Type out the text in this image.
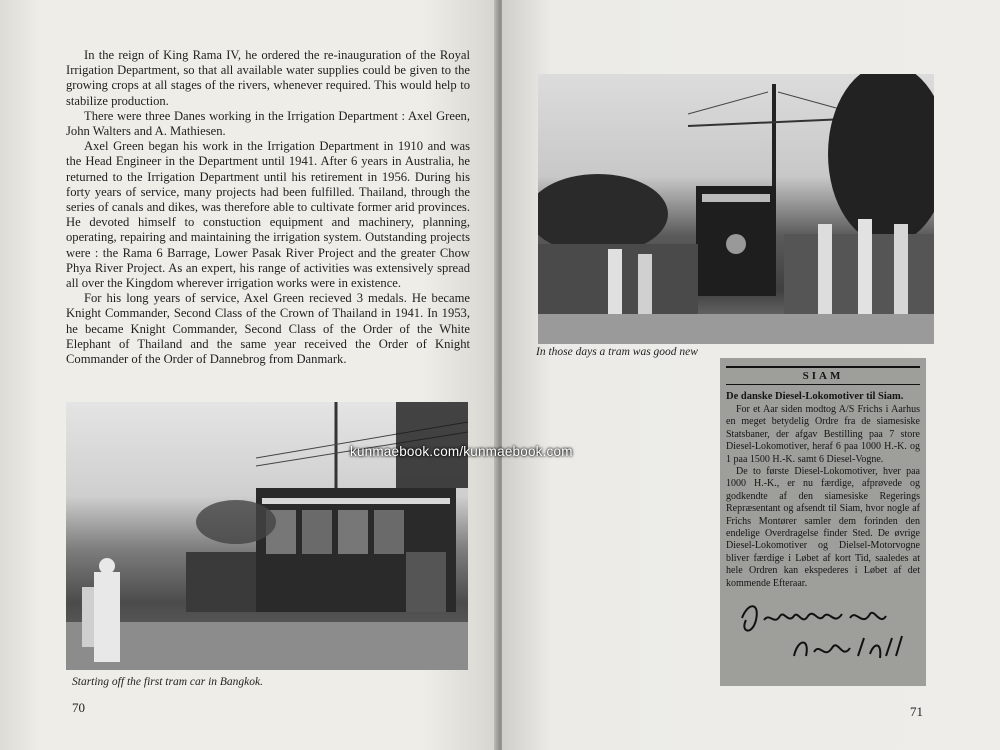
In the reign of King Rama IV, he ordered the re-inauguration of the Royal Irrigation Department, so that all available water supplies could be given to the growing crops at all stages of the rivers, whenever required. This would help to stabilize production.

There were three Danes working in the Irrigation Department : Axel Green, John Walters and A. Mathiesen.

Axel Green began his work in the Irrigation Department in 1910 and was the Head Engineer in the Department until 1941. After 6 years in Australia, he returned to the Irrigation Department until his retirement in 1956. During his forty years of service, many projects had been fulfilled. Thailand, through the series of canals and dikes, was therefore able to cultivate former arid provinces. He devoted himself to constuction equipment and machinery, planning, operating, repairing and maintaining the irrigation system. Outstanding projects were : the Rama 6 Barrage, Lower Pasak River Project and the greater Chow Phya River Project. As an expert, his range of activities was extensively spread all over the Kingdom wherever irrigation works were in existence.

For his long years of service, Axel Green recieved 3 medals. He became Knight Commander, Second Class of the Crown of Thailand in 1941. In 1953, he became Knight Commander, Second Class of the Order of the White Elephant of Thailand and the same year received the Order of Knight Commander of the Order of Dannebrog from Danmark.

Starting off the first tram car in Bangkok.
70	71
In those days a tram was good new
SIAM
De danske Diesel-Lokomotiver til Siam.

For et Aar siden modtog A/S Frichs i Aarhus en meget betydelig Ordre fra de siamesiske Statsbaner, der afgav Bestilling paa 7 store Diesel-Lokomotiver, heraf 6 paa 1000 H.-K. og 1 paa 1500 H.-K. samt 6 Diesel-Vogne.

De to første Diesel-Lokomotiver, hver paa 1000 H.-K., er nu færdige, afprøvede og godkendte af den siamesiske Regerings Repræsentant og afsendt til Siam, hvor nogle af Frichs Montører samler dem forinden den endelige Overdragelse finder Sted. De øvrige Diesel-Lokomotiver og Dielsel-Motorvogne bliver færdige i Løbet af kort Tid, saaledes at hele Ordren kan ekspederes i Løbet af det kommende Efteraar.

kunmaebook.com/kunmaebook.com
